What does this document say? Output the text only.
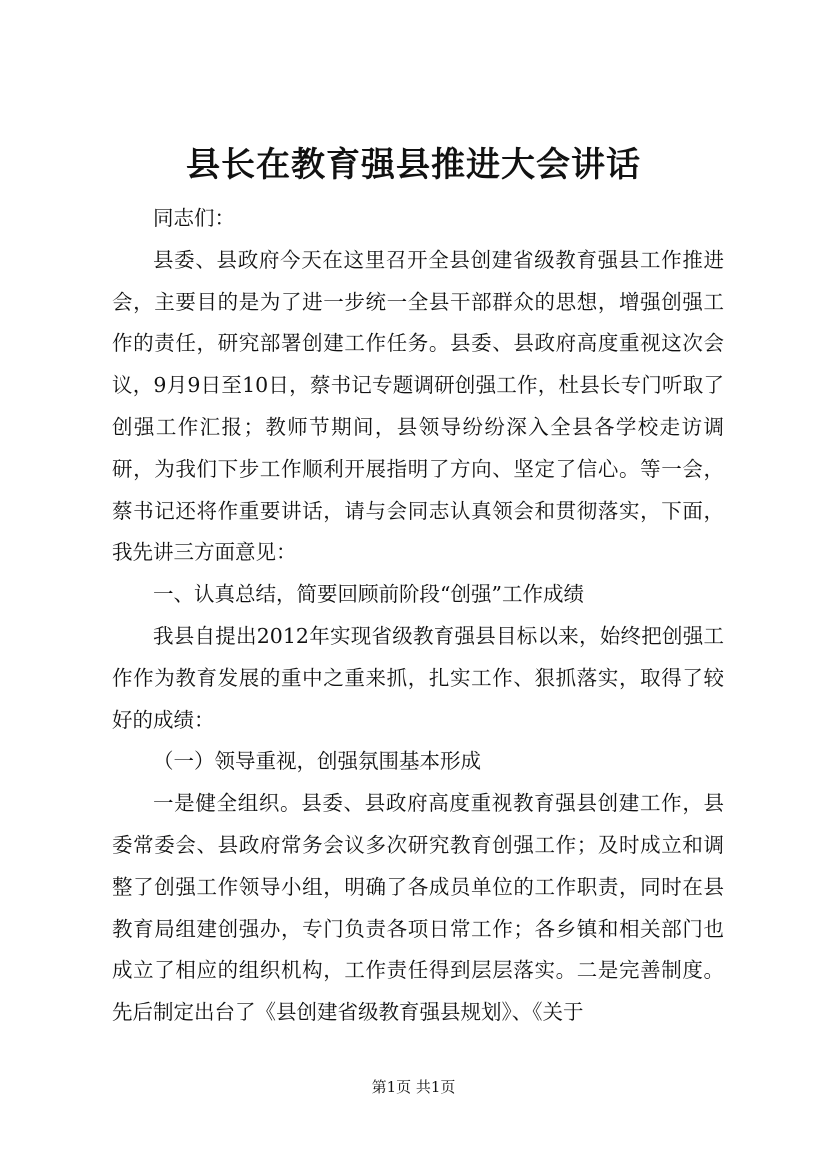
县长在教育强县推进大会讲话

同志们：

县委、县政府今天在这里召开全县创建省级教育强县工作推进会，主要目的是为了进一步统一全县干部群众的思想，增强创强工作的责任，研究部署创建工作任务。县委、县政府高度重视这次会议，9月9日至10日，蔡书记专题调研创强工作，杜县长专门听取了创强工作汇报；教师节期间，县领导纷纷深入全县各学校走访调研，为我们下步工作顺利开展指明了方向、坚定了信心。等一会，蔡书记还将作重要讲话，请与会同志认真领会和贯彻落实，下面，我先讲三方面意见：

一、认真总结，简要回顾前阶段“创强”工作成绩

我县自提出2012年实现省级教育强县目标以来，始终把创强工作作为教育发展的重中之重来抓，扎实工作、狠抓落实，取得了较好的成绩：

（一）领导重视，创强氛围基本形成

一是健全组织。县委、县政府高度重视教育强县创建工作，县委常委会、县政府常务会议多次研究教育创强工作；及时成立和调整了创强工作领导小组，明确了各成员单位的工作职责，同时在县教育局组建创强办，专门负责各项日常工作；各乡镇和相关部门也成立了相应的组织机构，工作责任得到层层落实。二是完善制度。先后制定出台了《县创建省级教育强县规划》、《关于

第1页 共1页
